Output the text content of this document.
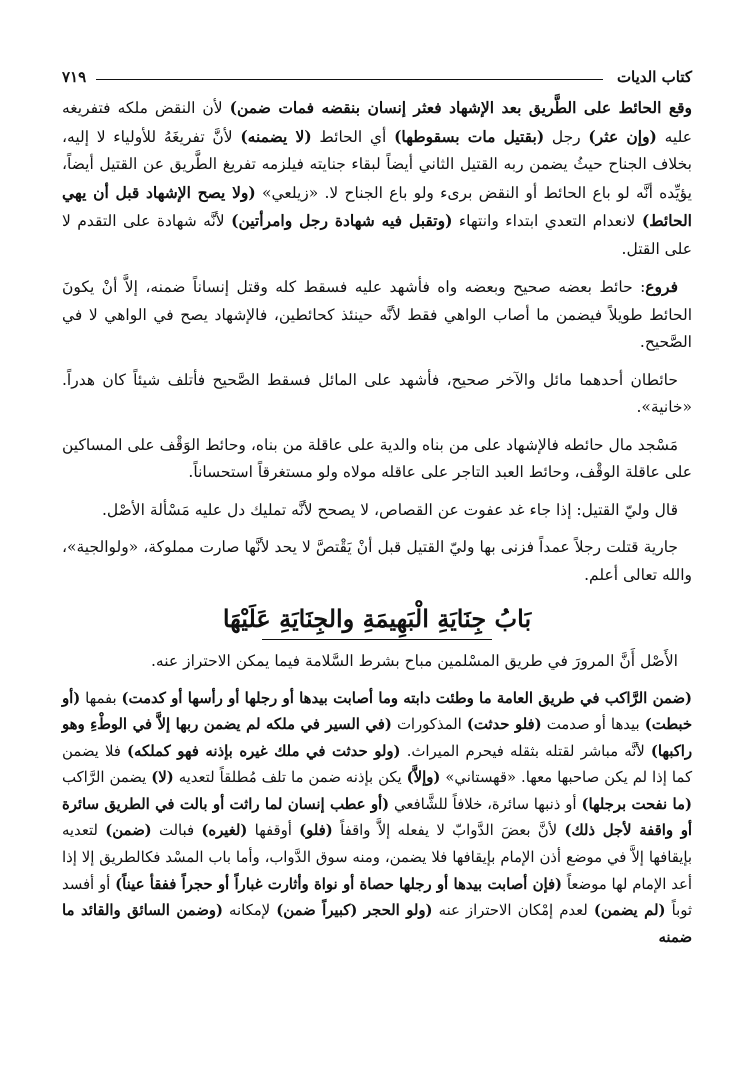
كتاب الديات
٧١٩

وقع الحائط على الطَّريق بعد الإشهاد فعثر إنسان بنقضه فمات ضمن) لأن النقض ملكه فتفريغه عليه (وإن عثر) رجل (بقتيل مات بسقوطها) أي الحائط (لا يضمنه) لأنَّ تفريغَهُ للأولياء لا إليه، بخلاف الجناح حيثُ يضمن ربه القتيل الثاني أيضاً لبقاء جنايته فيلزمه تفريغ الطَّريق عن القتيل أيضاً، يؤيِّده أنَّه لو باع الحائط أو النقض برىء ولو باع الجناح لا. «زيلعي» (ولا يصح الإشهاد قبل أن يهي الحائط) لانعدام التعدي ابتداء وانتهاء (وتقبل فيه شهادة رجل وامرأتين) لأنَّه شهادة على التقدم لا على القتل.

فروع: حائط بعضه صحيح وبعضه واه فأشهد عليه فسقط كله وقتل إنساناً ضمنه، إلاَّ أنْ يكونَ الحائط طويلاً فيضمن ما أصاب الواهي فقط لأنَّه حينئذ كحائطين، فالإشهاد يصح في الواهي لا في الصَّحيح.

حائطان أحدهما مائل والآخر صحيح، فأشهد على المائل فسقط الصَّحيح فأتلف شيئاً كان هدراً. «خانية».

مَسْجد مال حائطه فالإشهاد على من بناه والدية على عاقلة من بناه، وحائط الوَقْف على المساكين على عاقلة الوقْف، وحائط العبد التاجر على عاقله مولاه ولو مستغرقاً استحساناً.

قال وليّ القتيل: إذا جاء غد عفوت عن القصاص، لا يصحح لأنَّه تمليك دل عليه مَسْألة الأصْل.

جارية قتلت رجلاً عمداً فزنى بها وليّ القتيل قبل أنْ يَقْتصَّ لا يحد لأنَّها صارت مملوكة، «ولوالجية»، والله تعالى أعلم.

بَابُ جِنَايَةِ الْبَهِيمَةِ والجِنَايَةِ عَلَيْهَا

الأَصْل أَنَّ المرورَ في طريق المسْلمين مباح بشرط السَّلامة فيما يمكن الاحتراز عنه.

(ضمن الرَّاكب في طريق العامة ما وطئت دابته وما أصابت بيدها أو رجلها أو رأسها أو كدمت) بفمها (أو خبطت) بيدها أو صدمت (فلو حدثت) المذكورات (في السير في ملكه لم يضمن ربها إلاَّ في الوطْءِ وهو راكبها) لأنَّه مباشر لقتله بثقله فيحرم الميراث. (ولو حدثت في ملك غيره بإذنه فهو كملكه) فلا يضمن كما إذا لم يكن صاحبها معها. «قهستاني» (وإلاَّ) يكن بإذنه ضمن ما تلف مُطلقاً لتعديه (لا) يضمن الرَّاكب (ما نفحت برجلها) أو ذنبها سائرة، خلافاً للشَّافعي (أو عطب إنسان لما راثت أو بالت في الطريق سائرة أو واقفة لأجل ذلك) لأنَّ بعضَ الدَّوابّ لا يفعله إلاَّ واقفاً (فلو) أوقفها (لغيره) فبالت (ضمن) لتعديه بإيقافها إلاَّ في موضع أذن الإمام بإيقافها فلا يضمن، ومنه سوق الدَّواب، وأما باب المسْد فكالطريق إلا إذا أعد الإمام لها موضعاً (فإن أصابت بيدها أو رجلها حصاة أو نواة وأثارت غباراً أو حجراً ففقأ عيناً) أو أفسد ثوباً (لم يضمن) لعدم إمْكان الاحتراز عنه (ولو الحجر (كبيراً ضمن) لإمكانه (وضمن السائق والقائد ما ضمنه
